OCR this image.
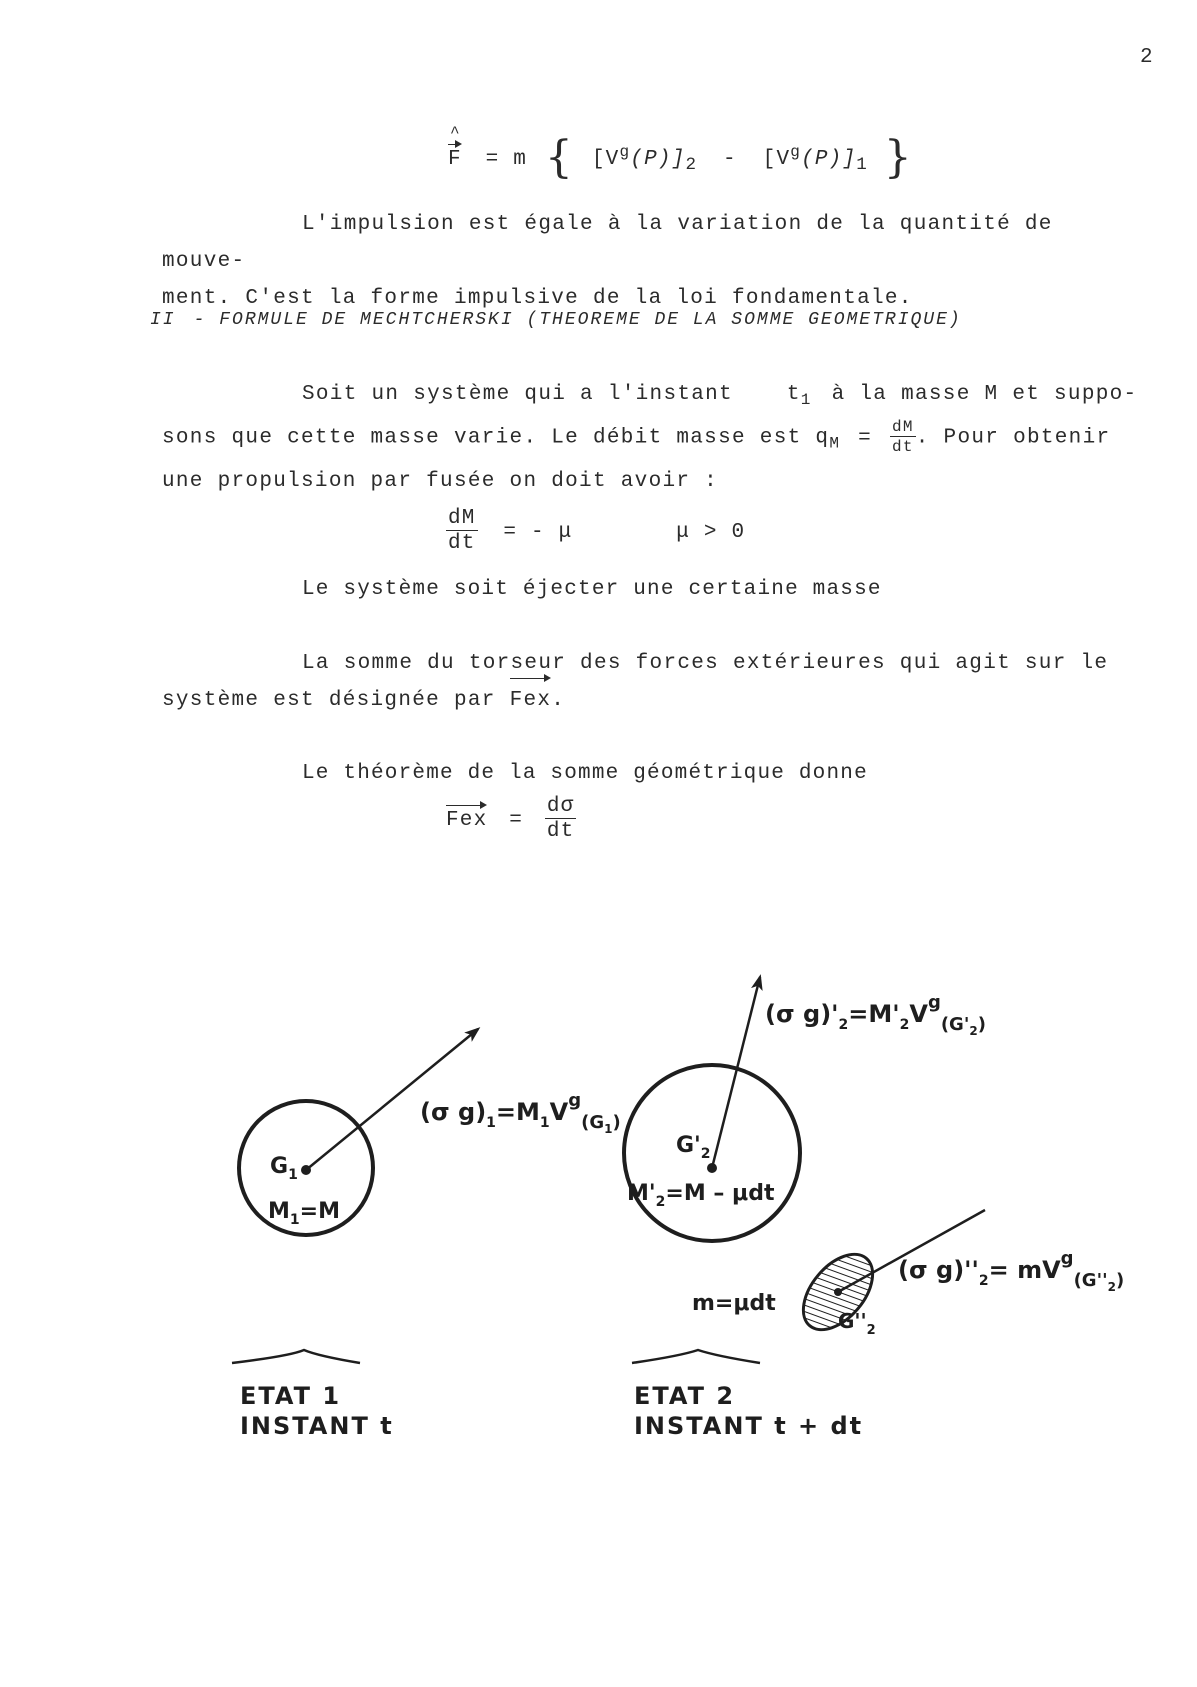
2
^
F = m { $[V^g(P)]_2 - [V^g(P)]_1$ }
L'impulsion est égale à la variation de la quantité de mouve-
ment. C'est la forme impulsive de la loi fondamentale.
II - FORMULE DE MECHTCHERSKI (THEOREME DE LA SOMME GEOMETRIQUE)
Soit un système qui a l'instant	$t_1$ à la masse M et suppo-
sons que cette masse varie. Le débit masse est $q_M = \frac{dM}{dt}$ . Pour obtenir
une propulsion par fusée on doit avoir :
$\frac{dM}{dt}$ = - μ	μ > 0
Le système soit éjecter une certaine masse
La somme du torseur des forces extérieures qui agit sur le
système est désignée par Fex.
Le théorème de la somme géométrique donne
Fex = $\frac{d\sigma}{dt}$
$G_1$
$M_1=M$
(σ $g)_1=M_1V^g_{(G1}^)$
ETAT 1
INSTANT t
$G'_2$
$M'_2=M - \mu dt$
(σ $g)'_2=M'_2V^g_{(G'2}^)$
m=μdt
$G''_2$
(σ $g)''_2= mV^g_{(G''2}^)$
ETAT 2
INSTANT t + dt
